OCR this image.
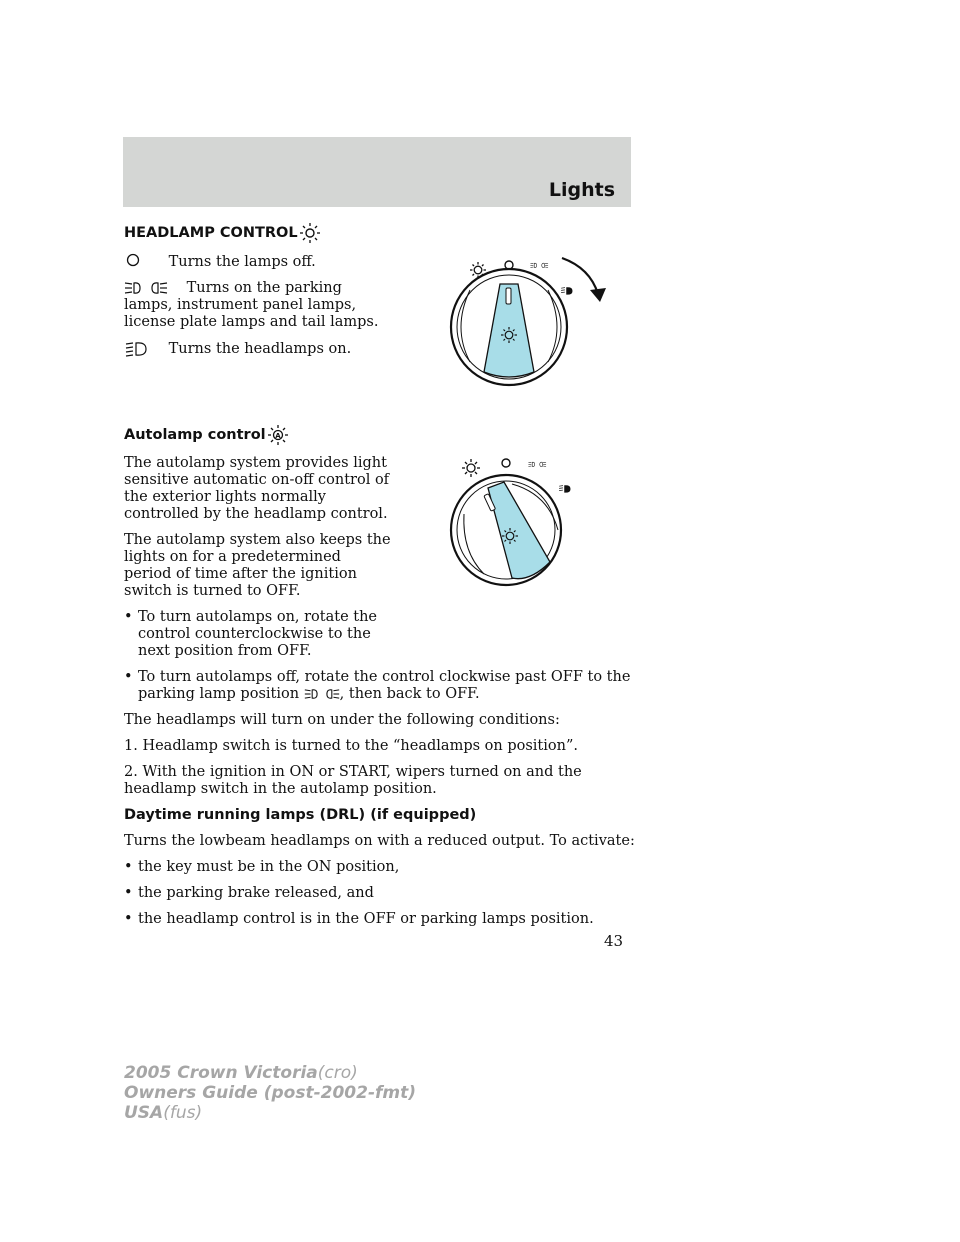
Lights
HEADLAMP CONTROL

Turns the lamps off.

Turns on the parking lamps, instrument panel lamps, license plate lamps and tail lamps.

Turns the headlamps on.

Autolamp control A

The autolamp system provides light sensitive automatic on-off control of the exterior lights normally controlled by the headlamp control.

The autolamp system also keeps the lights on for a predetermined period of time after the ignition switch is turned to OFF.

• To turn autolamps on, rotate the control counterclockwise to the next position from OFF.
• To turn autolamps off, rotate the control clockwise past OFF to the parking lamp position	, then back to OFF.

The headlamps will turn on under the following conditions:

1. Headlamp switch is turned to the “headlamps on position”.

2. With the ignition in ON or START, wipers turned on and the headlamp switch in the autolamp position.

Daytime running lamps (DRL) (if equipped)

Turns the lowbeam headlamps on with a reduced output. To activate:

• the key must be in the ON position,
• the parking brake released, and
• the headlamp control is in the OFF or parking lamps position.
43
2005 Crown Victoria(cro)
Owners Guide (post-2002-fmt)
USA(fus)
